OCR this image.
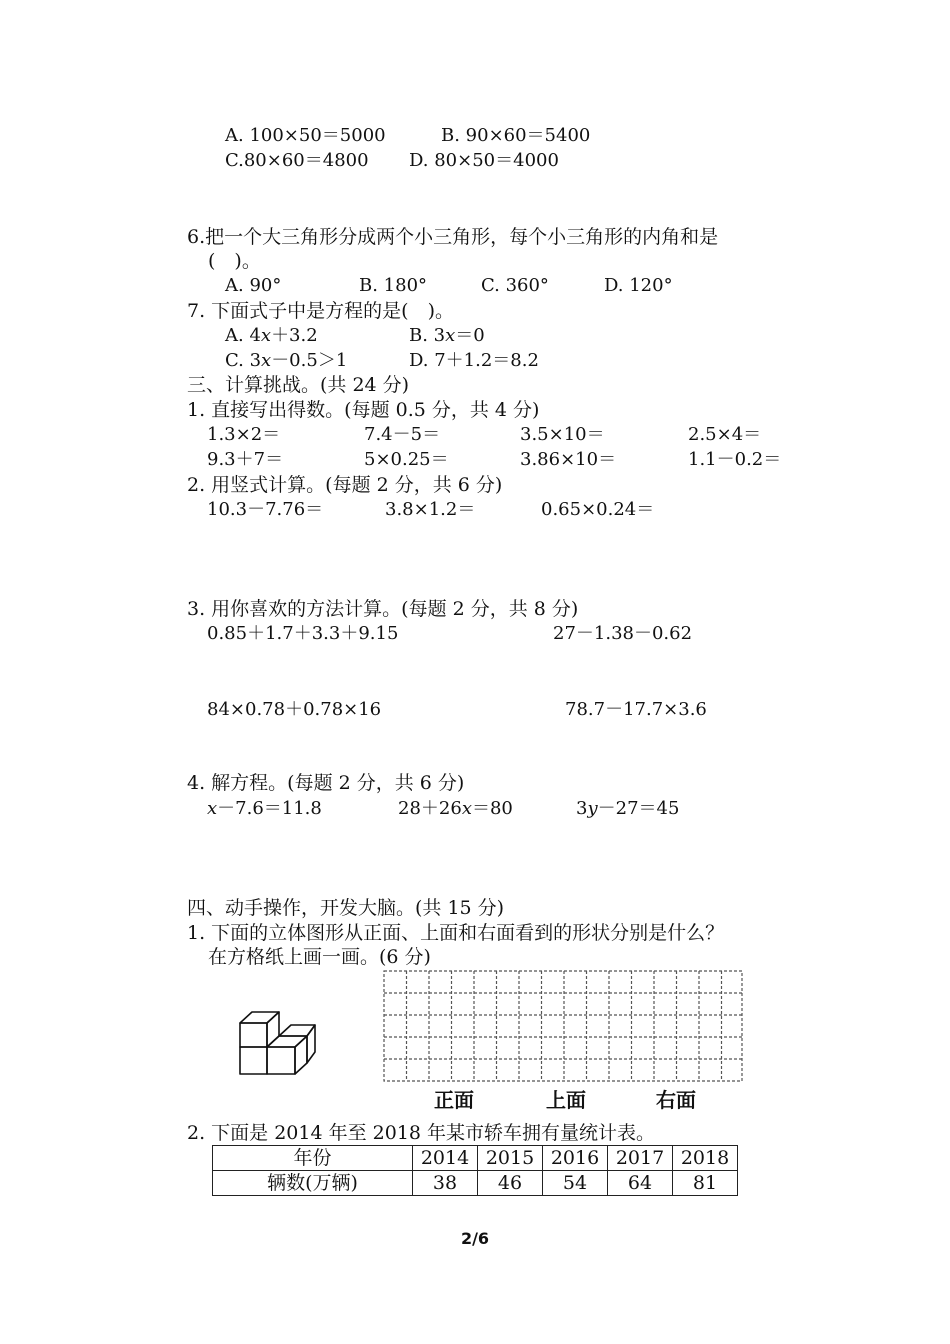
A. 100×50＝5000	B. 90×60＝5400
C.80×60＝4800 D. 80×50＝4000
6.把一个大三角形分成两个小三角形，每个小三角形的内角和是
(　)。
A. 90°	B. 180°	C. 360°	D. 120°
7. 下面式子中是方程的是(　)。
A. 4x＋3.2	B. 3x＝0
C. 3x－0.5＞1	D. 7＋1.2＝8.2
三、计算挑战。(共 24 分)
1. 直接写出得数。(每题 0.5 分，共 4 分)
1.3×2＝	7.4－5＝	3.5×10＝	2.5×4＝
9.3＋7＝	5×0.25＝	3.86×10＝	1.1－0.2＝
2. 用竖式计算。(每题 2 分，共 6 分)
10.3－7.76＝	3.8×1.2＝	0.65×0.24＝
3. 用你喜欢的方法计算。(每题 2 分，共 8 分)
0.85＋1.7＋3.3＋9.15	27－1.38－0.62
84×0.78＋0.78×16	78.7－17.7×3.6
4. 解方程。(每题 2 分，共 6 分)
x－7.6＝11.8	28＋26x＝80	3y－27＝45
四、动手操作，开发大脑。(共 15 分)
1. 下面的立体图形从正面、上面和右面看到的形状分别是什么？
在方格纸上画一画。(6 分)
正面	上面	右面
2. 下面是 2014 年至 2018 年某市轿车拥有量统计表。
年份	2014	2015	2016	2017	2018
辆数(万辆)	38	46	54	64	81
2/6
